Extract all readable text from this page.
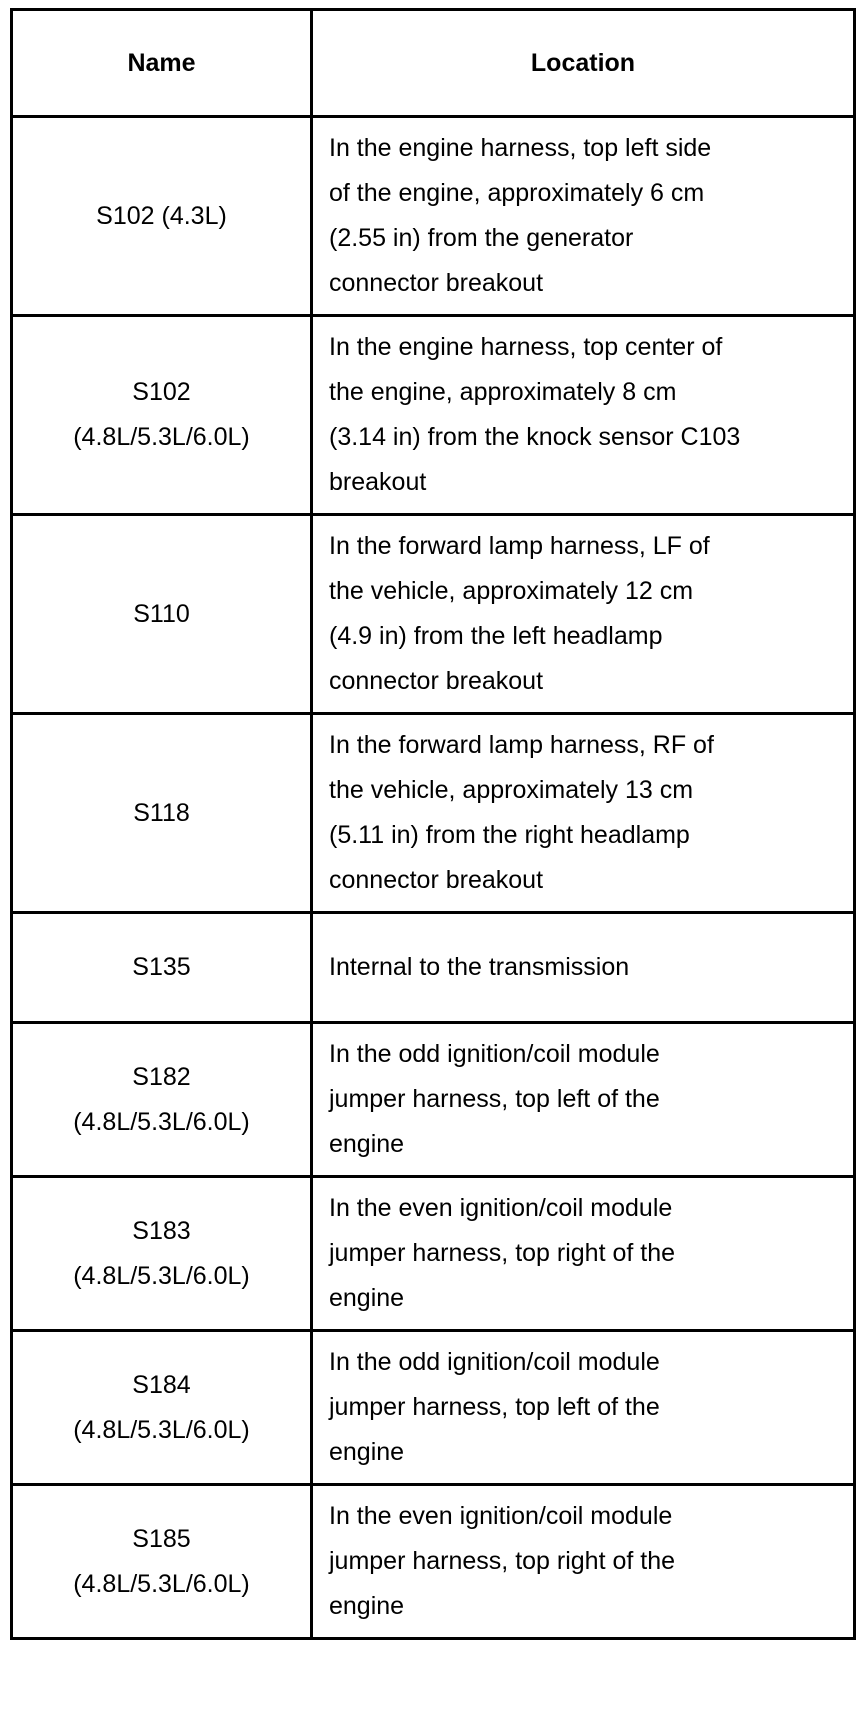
Name	Location

S102 (4.3L)	In the engine harness, top left side
of the engine, approximately 6 cm
(2.55 in) from the generator
connector breakout

S102
(4.8L/5.3L/6.0L)	In the engine harness, top center of
the engine, approximately 8 cm
(3.14 in) from the knock sensor C103
breakout

S110	In the forward lamp harness, LF of
the vehicle, approximately 12 cm
(4.9 in) from the left headlamp
connector breakout

S118	In the forward lamp harness, RF of
the vehicle, approximately 13 cm
(5.11 in) from the right headlamp
connector breakout

S135	Internal to the transmission

S182
(4.8L/5.3L/6.0L)	In the odd ignition/coil module
jumper harness, top left of the
engine

S183
(4.8L/5.3L/6.0L)	In the even ignition/coil module
jumper harness, top right of the
engine

S184
(4.8L/5.3L/6.0L)	In the odd ignition/coil module
jumper harness, top left of the
engine

S185
(4.8L/5.3L/6.0L)	In the even ignition/coil module
jumper harness, top right of the
engine
